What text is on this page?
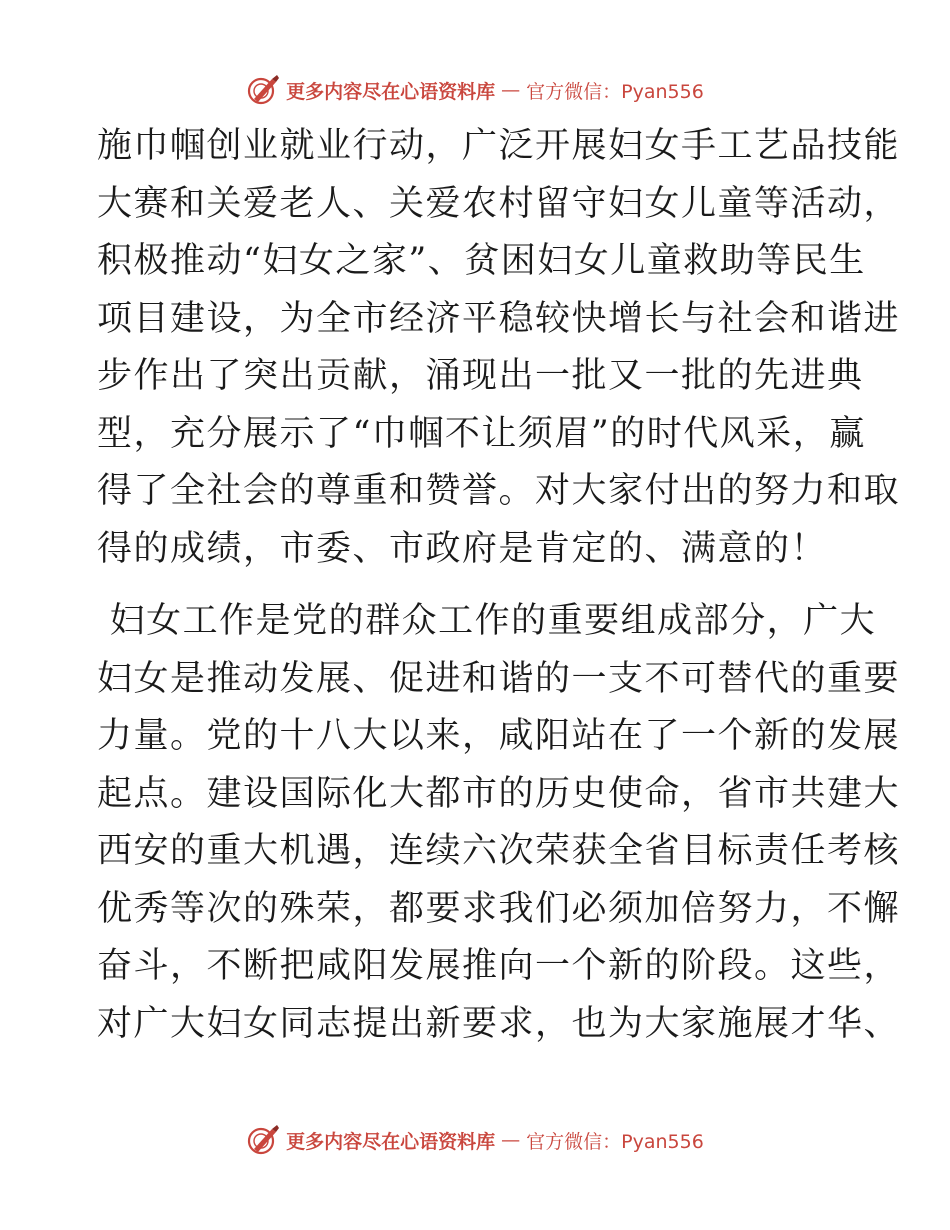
更多内容尽在心语资料库 — 官方微信：Pyan556
施巾帼创业就业行动，广泛开展妇女手工艺品技能
大赛和关爱老人、关爱农村留守妇女儿童等活动，
积极推动“妇女之家”、贫困妇女儿童救助等民生
项目建设，为全市经济平稳较快增长与社会和谐进
步作出了突出贡献，涌现出一批又一批的先进典
型，充分展示了“巾帼不让须眉”的时代风采，赢
得了全社会的尊重和赞誉。对大家付出的努力和取
得的成绩，市委、市政府是肯定的、满意的！
妇女工作是党的群众工作的重要组成部分，广大
妇女是推动发展、促进和谐的一支不可替代的重要
力量。党的十八大以来，咸阳站在了一个新的发展
起点。建设国际化大都市的历史使命，省市共建大
西安的重大机遇，连续六次荣获全省目标责任考核
优秀等次的殊荣，都要求我们必须加倍努力，不懈
奋斗，不断把咸阳发展推向一个新的阶段。这些，
对广大妇女同志提出新要求，也为大家施展才华、
更多内容尽在心语资料库 — 官方微信：Pyan556
